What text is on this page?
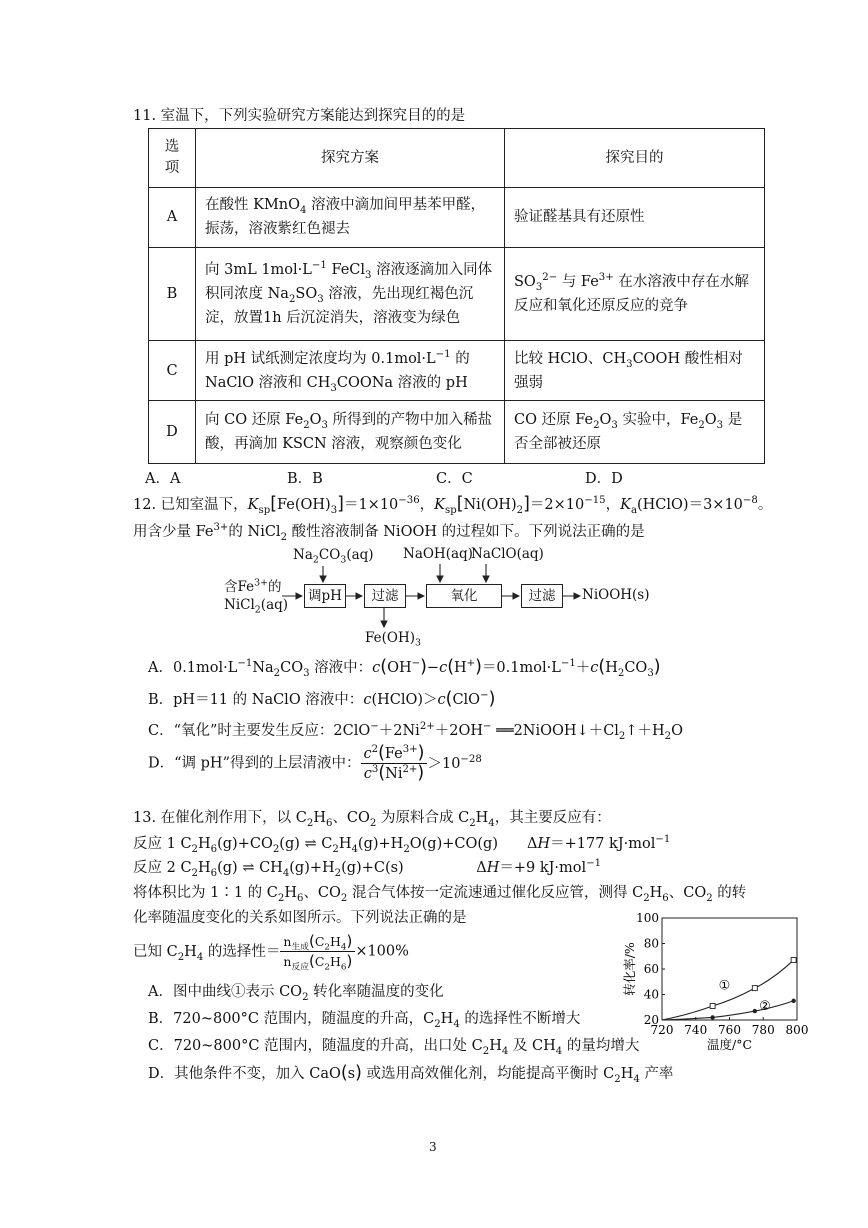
11. 室温下，下列实验研究方案能达到探究目的的是
选
项	探究方案	探究目的
A	在酸性 KMnO$_4$ 溶液中滴加间甲基苯甲醛，振荡，溶液紫红色褪去	验证醛基具有还原性
B	向 3mL $1mol\cdot L^{-1}$ FeCl$_3$ 溶液逐滴加入同体积同浓度 $Na_2SO_3$ 溶液，先出现红褐色沉淀，放置1h 后沉淀消失，溶液变为绿色	$SO_3^{2-}$ 与 $Fe^{3+}$ 在水溶液中存在水解反应和氧化还原反应的竞争
C	用 pH 试纸测定浓度均为 $0.1mol\cdot L^{-1}$ 的 NaClO 溶液和 $CH_3COONa$ 溶液的 pH	比较 HClO、$CH_3COOH$ 酸性相对强弱
D	向 CO 还原 $Fe_2O_3$ 所得到的产物中加入稀盐酸，再滴加 KSCN 溶液，观察颜色变化	CO 还原 $Fe_2O_3$ 实验中，$Fe_2O_3$ 是否全部被还原
A．A	B．B	C．C	D．D
12. 已知室温下，$K_{sp}[Fe(OH)_3]=1\times 10^{-36}$，$K_{sp}[Ni(OH)_2]=2\times 10^{-15}$，$K_a(HClO)=3\times 10^{-8}$。
用含少量 $Fe^{3+}$的 NiCl$_2$ 酸性溶液制备 NiOOH 的过程如下。下列说法正确的是
含$Fe^{3+}$的
NiCl$_2$(aq)
$Na_2CO_3(aq)$ NaOH(aq)
NaClO(aq)
调pH	过滤	氧化	过滤	NiOOH(s)
$Fe(OH)_3$
A．$0.1mol\cdot L^{-1}Na_2CO_3$ 溶液中：$c(OH^-)-c(H^+)=0.1mol\cdot L^{-1}+c(H_2CO_3)$
B．pH＝11 的 NaClO 溶液中：c(HClO)＞c(ClO−)
C．“氧化”时主要发生反应：$2ClO^-+2Ni^{2+}+2OH^-$ $══2NiOOH↓+Cl_2↑+H_2O$
D．“调 pH”得到的上层清液中： $\frac{c^2(Fe^{3+})}{c^3(Ni^{2+})} >10^{-28}$
13. 在催化剂作用下，以 $C_2H_6$、$CO_2$ 为原料合成 $C_2H_4$，其主要反应有：
反应 1 $C_2H_6(g)+CO_2(g)$ ⇌ $C_2H_4(g)+H_2O(g)+CO(g)$　　ΔH＝+177 kJ·mol$^{-1}$
反应 2 $C_2H_6(g)$ ⇌ $CH_4(g)+H_2(g)+C(s)$　　　　　ΔH＝+9 kJ·mol$^{-1}$
将体积比为 1∶1 的 $C_2H_6$、$CO_2$ 混合气体按一定流速通过催化反应管，测得 $C_2H_6$、$CO_2$ 的转
化率随温度变化的关系如图所示。下列说法正确的是
已知 $C_2H_4$ 的选择性＝ $\frac{n_{生成}(C_2H_4)}{n_{反应}(C_2H_6)} \times 100\%$
A．图中曲线①表示 $CO_2$ 转化率随温度的变化
B．720~800°C 范围内，随温度的升高，$C_2H_4$ 的选择性不断增大
C．720~800°C 范围内，随温度的升高，出口处 $C_2H_4$ 及 $CH_4$ 的量均增大
D．其他条件不变，加入 CaO(s) 或选用高效催化剂，均能提高平衡时 $C_2H_4$ 产率
720 740 760 780 800
20
40
60
80
100
温度/°C
转化率/%	①
②
3
